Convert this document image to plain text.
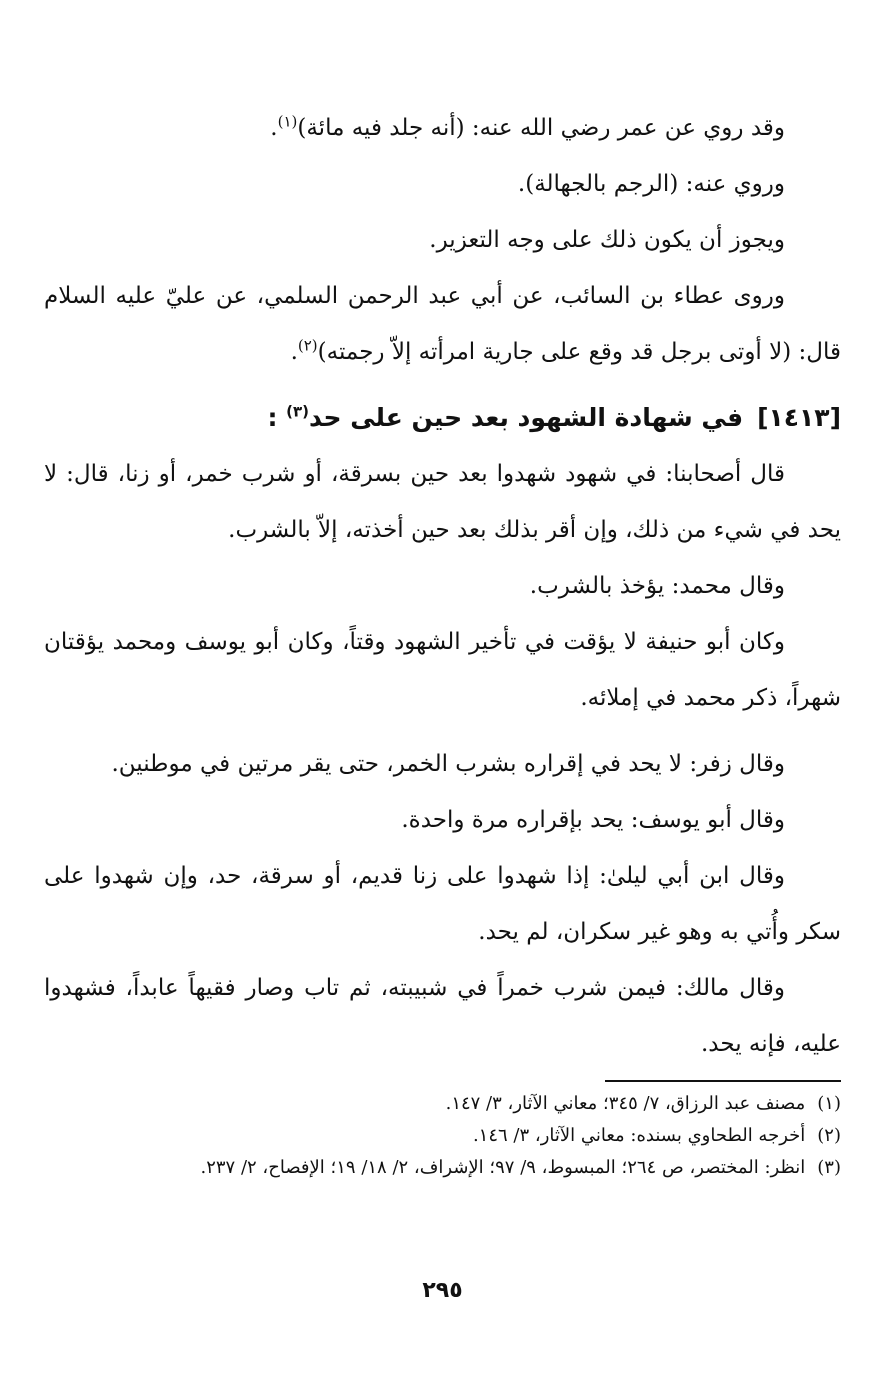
وقد روي عن عمر رضي الله عنه: (أنه جلد فيه مائة)$^{(١)}$.

وروي عنه: (الرجم بالجهالة).

ويجوز أن يكون ذلك على وجه التعزير.

وروى عطاء بن السائب، عن أبي عبد الرحمن السلمي، عن عليّ عليه السلام قال: (لا أوتى برجل قد وقع على جارية امرأته إلاّ رجمته)$^{(٢)}$.

[١٤١٣]في شهادة الشهود بعد حين على حد$^{(٣)}$ :

قال أصحابنا: في شهود شهدوا بعد حين بسرقة، أو شرب خمر، أو زنا، قال: لا يحد في شيء من ذلك، وإن أقر بذلك بعد حين أخذته، إلاّ بالشرب.

وقال محمد: يؤخذ بالشرب.

وكان أبو حنيفة لا يؤقت في تأخير الشهود وقتاً، وكان أبو يوسف ومحمد يؤقتان شهراً، ذكر محمد في إملائه.

وقال زفر: لا يحد في إقراره بشرب الخمر، حتى يقر مرتين في موطنين.

وقال أبو يوسف: يحد بإقراره مرة واحدة.

وقال ابن أبي ليلىٰ: إذا شهدوا على زنا قديم، أو سرقة، حد، وإن شهدوا على سكر وأُتي به وهو غير سكران، لم يحد.

وقال مالك: فيمن شرب خمراً في شبيبته، ثم تاب وصار فقيهاً عابداً، فشهدوا عليه، فإنه يحد.

(١)مصنف عبد الرزاق، ٧/ ٣٤٥؛ معاني الآثار، ٣/ ١٤٧.

(٢)أخرجه الطحاوي بسنده: معاني الآثار، ٣/ ١٤٦.

(٣)انظر: المختصر، ص ٢٦٤؛ المبسوط، ٩/ ٩٧؛ الإشراف، ٢/ ١٨/ ١٩؛ الإفصاح، ٢/ ٢٣٧.

٢٩٥
